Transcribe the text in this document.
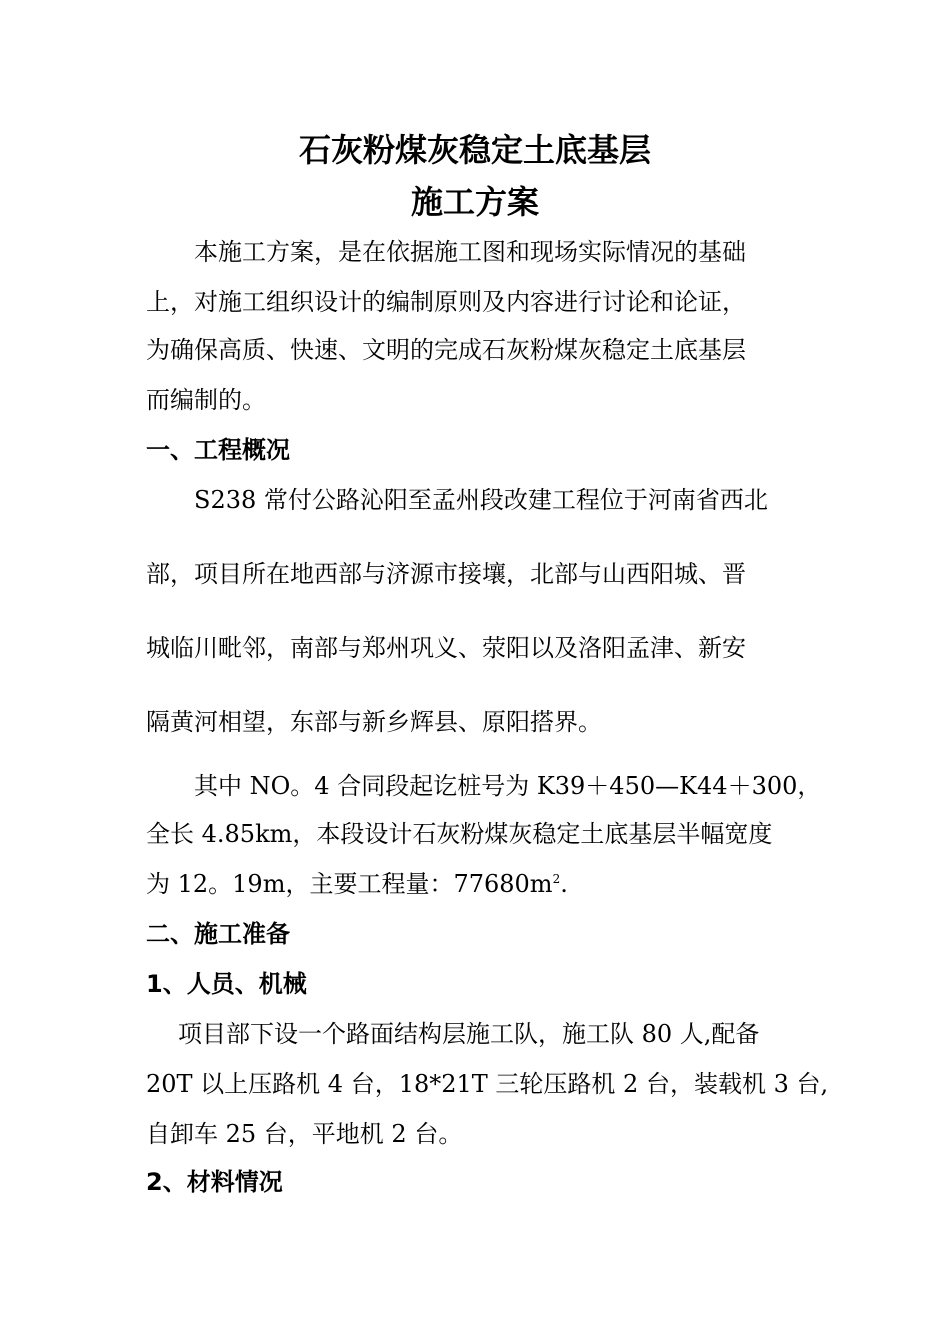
石灰粉煤灰稳定土底基层
施工方案
本施工方案，是在依据施工图和现场实际情况的基础
上，对施工组织设计的编制原则及内容进行讨论和论证，
为确保高质、快速、文明的完成石灰粉煤灰稳定土底基层
而编制的。
一、工程概况
S238 常付公路沁阳至孟州段改建工程位于河南省西北
部，项目所在地西部与济源市接壤，北部与山西阳城、晋
城临川毗邻，南部与郑州巩义、荥阳以及洛阳孟津、新安
隔黄河相望，东部与新乡辉县、原阳搭界。
其中 NO。4 合同段起讫桩号为 K39＋450—K44＋300，
全长 4.85km，本段设计石灰粉煤灰稳定土底基层半幅宽度
为 12。19m，主要工程量：$77680m^2$.
二、施工准备
1、人员、机械
项目部下设一个路面结构层施工队，施工队 80 人,配备
20T 以上压路机 4 台，18*21T 三轮压路机 2 台，装载机 3 台,
自卸车 25 台，平地机 2 台。
2、材料情况
